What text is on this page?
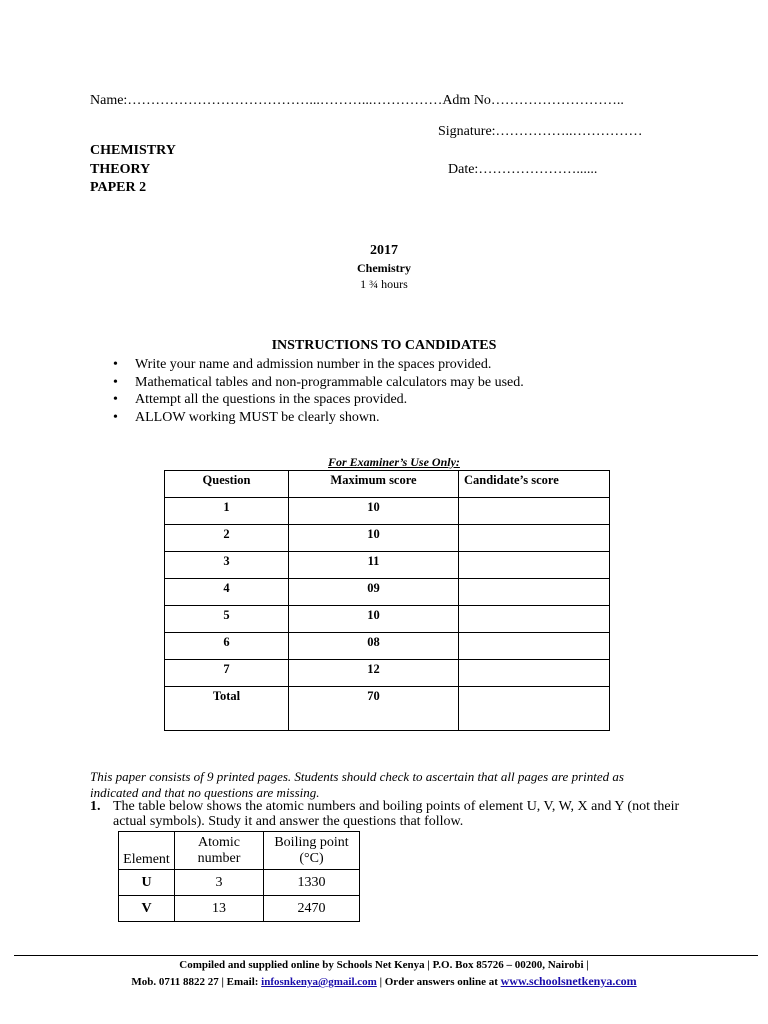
Name:…………………………………...………...……………Adm No………………………..
Signature:……………..……………
CHEMISTRY
THEORY	Date:…………………......
PAPER 2
2017
Chemistry
1 ¾ hours
INSTRUCTIONS TO CANDIDATES
• Write your name and admission number in the spaces provided.
• Mathematical tables and non-programmable calculators may be used.
• Attempt all the questions in the spaces provided.
• ALLOW working MUST be clearly shown.
For Examiner’s Use Only:
Question	Maximum score	Candidate’s score
1	10	
2	10	
3	11	
4	09	
5	10	
6	08	
7	12	
Total	70	
This paper consists of 9 printed pages. Students should check to ascertain that all pages are printed as
indicated and that no questions are missing.
1. The table below shows the atomic numbers and boiling points of element U, V, W, X and Y (not their
actual symbols). Study it and answer the questions that follow.
Element	Atomic number	Boiling point (°C)
U	3	1330
V	13	2470
Compiled and supplied online by Schools Net Kenya | P.O. Box 85726 – 00200, Nairobi |
Mob. 0711 8822 27 | Email: infosnkenya@gmail.com | Order answers online at www.schoolsnetkenya.com
